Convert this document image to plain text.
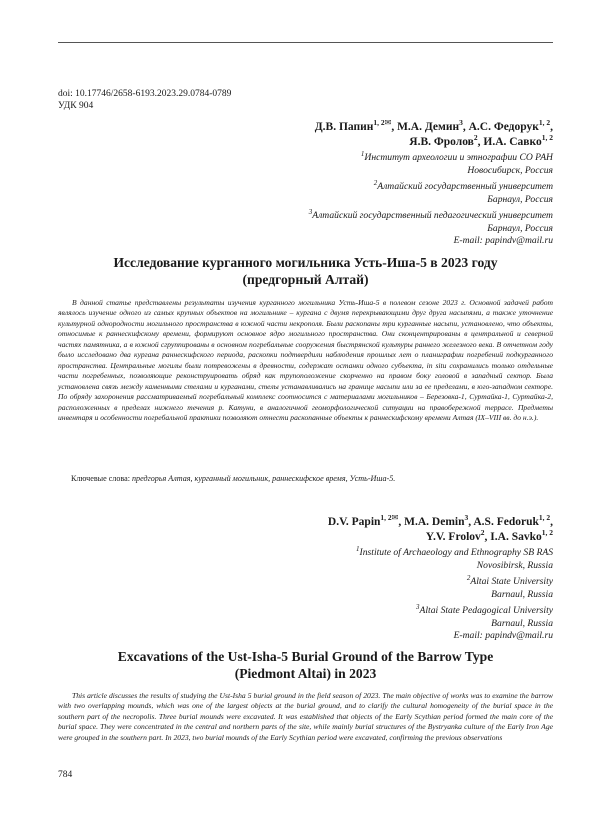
doi: 10.17746/2658-6193.2023.29.0784-0789
УДК 904
Д.В. Папин$^{1, 2✉}$, М.А. Демин$^3$, А.С. Федорук$^{1, 2}$,
Я.В. Фролов$^2$, И.А. Савко$^{1, 2}$
$^1$Институт археологии и этнографии СО РАН
Новосибирск, Россия
$^2$Алтайский государственный университет
Барнаул, Россия
$^3$Алтайский государственный педагогический университет
Барнаул, Россия
E-mail: papindv@mail.ru
Исследование курганного могильника Усть-Иша-5 в 2023 году
(предгорный Алтай)

В данной статье представлены результаты изучения курганного могильника Усть-Иша-5 в полевом сезоне 2023 г. Основной задачей работ являлось изучение одного из самых крупных объектов на могильнике – кургана с двумя перекрывающими друг друга насыпями, а также уточнение культурной однородности могильного пространства в южной части некрополя. Были раскопаны три курганные насыпи, установлено, что объекты, относимые к раннескифскому времени, формируют основное ядро могильного пространства. Они сконцентрированы в центральной и северной частях памятника, а в южной сгруппированы в основном погребальные сооружения быстрянской культуры раннего железного века. В отчетном году было исследовано два кургана раннескифского периода, раскопки подтвердили наблюдения прошлых лет о планиграфии погребений подкурганного пространства. Центральные могилы были потревожены в древности, содержат останки одного субъекта, in situ сохранились только отдельные части погребенных, позволяющие реконструировать обряд как трупоположение скорченно на правом боку головой в западный сектор. Была установлена связь между каменными стелами и курганами, стелы устанавливались на границе насыпи или за ее пределами, в юго-западном секторе. По обряду захоронения рассматриваемый погребальный комплекс соотносится с материалами могильников – Березовка-1, Суртайка-1, Суртайка-2, расположенных в пределах нижнего течения р. Катуни, в аналогичной геоморфологической ситуации на правобережной террасе. Предметы инвентаря и особенности погребальной практики позволяют отнести раскопанные объекты к раннескифскому времени Алтая (IX–VIII вв. до н.э.).

Ключевые слова: предгорья Алтая, курганный могильник, раннескифское время, Усть-Иша-5.
D.V. Papin$^{1, 2✉}$, M.A. Demin$^3$, A.S. Fedoruk$^{1, 2}$,
Y.V. Frolov$^2$, I.A. Savko$^{1, 2}$
$^1$Institute of Archaeology and Ethnography SB RAS
Novosibirsk, Russia
$^2$Altai State University
Barnaul, Russia
$^3$Altai State Pedagogical University
Barnaul, Russia
E-mail: papindv@mail.ru
Excavations of the Ust-Isha-5 Burial Ground of the Barrow Type
(Piedmont Altai) in 2023

This article discusses the results of studying the Ust-Isha 5 burial ground in the field season of 2023. The main objective of works was to examine the barrow with two overlapping mounds, which was one of the largest objects at the burial ground, and to clarify the cultural homogeneity of the burial space in the southern part of the necropolis. Three burial mounds were excavated. It was established that objects of the Early Scythian period formed the main core of the burial space. They were concentrated in the central and northern parts of the site, while mainly burial structures of the Bystryanka culture of the Early Iron Age were grouped in the southern part. In 2023, two burial mounds of the Early Scythian period were excavated, confirming the previous observations

784
